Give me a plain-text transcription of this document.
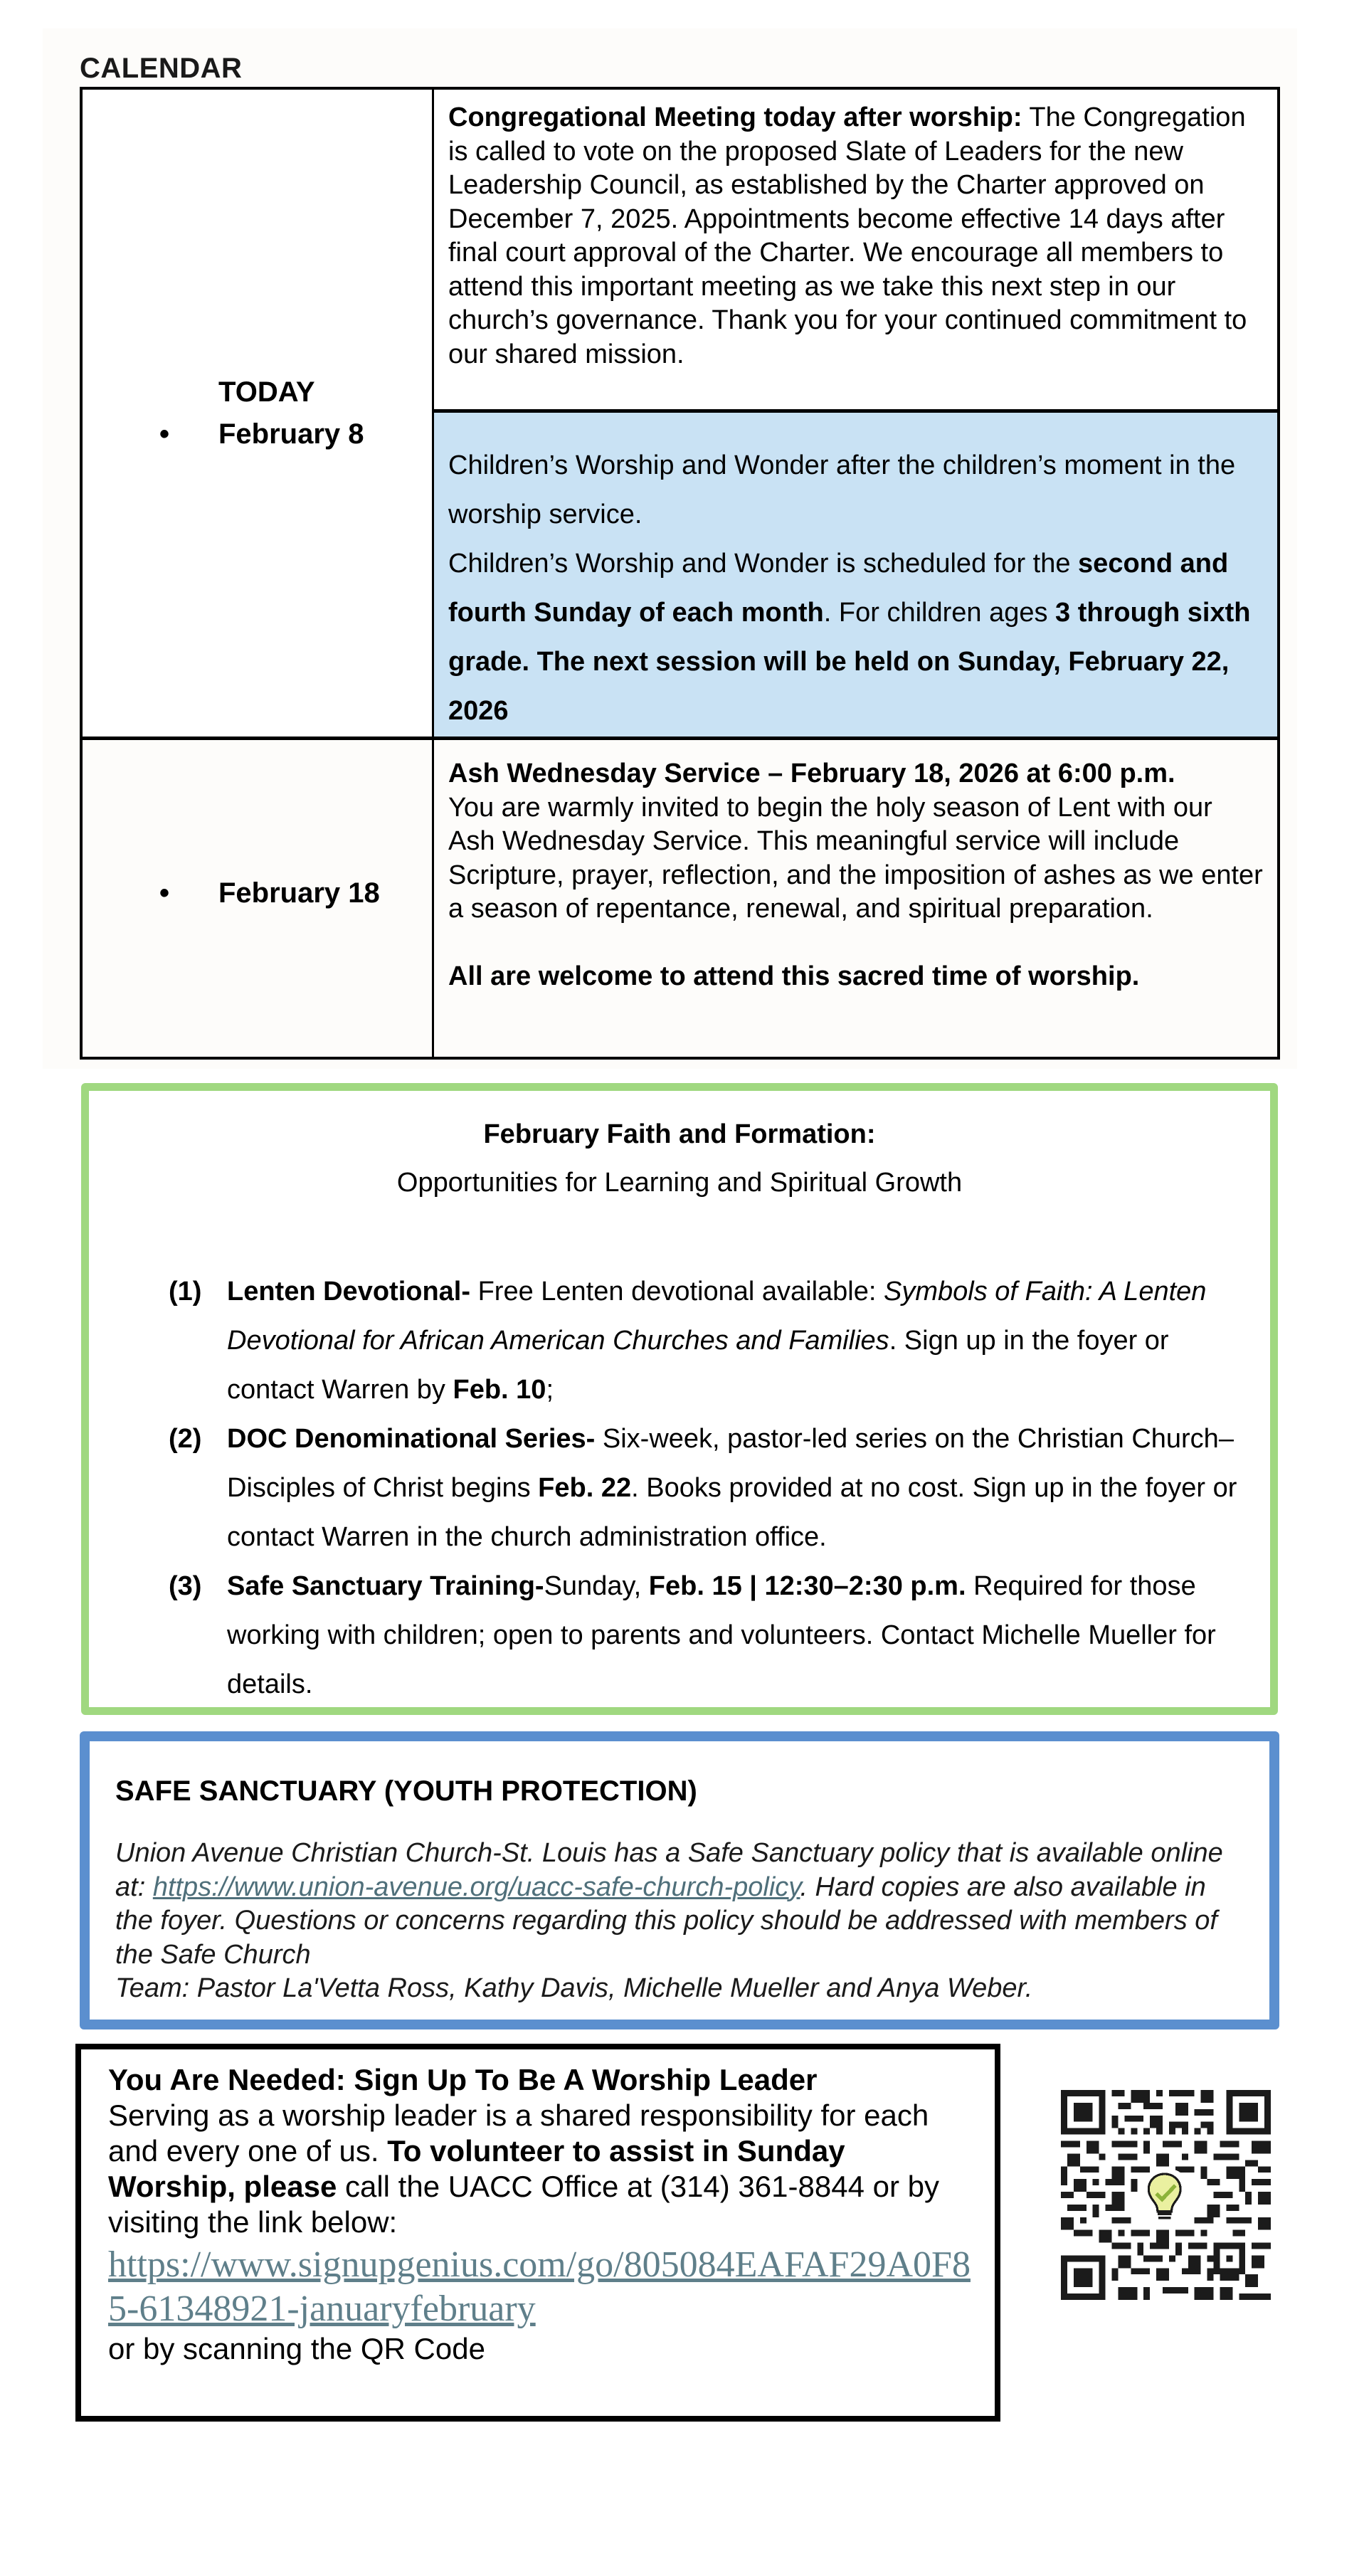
CALENDAR
TODAY
• February 8

Congregational Meeting today after worship: The Congregation is called to vote on the proposed Slate of Leaders for the new Leadership Council, as established by the Charter approved on December 7, 2025. Appointments become effective 14 days after final court approval of the Charter. We encourage all members to attend this important meeting as we take this next step in our church’s governance. Thank you for your continued commitment to our shared mission.

Children’s Worship and Wonder after the children’s moment in the worship service.

Children’s Worship and Wonder is scheduled for the second and fourth Sunday of each month. For children ages 3 through sixth grade. The next session will be held on Sunday, February 22, 2026

• February 18

Ash Wednesday Service – February 18, 2026 at 6:00 p.m.

You are warmly invited to begin the holy season of Lent with our Ash Wednesday Service. This meaningful service will include Scripture, prayer, reflection, and the imposition of ashes as we enter a season of repentance, renewal, and spiritual preparation.

All are welcome to attend this sacred time of worship.

February Faith and Formation:
Opportunities for Learning and Spiritual Growth
(1) Lenten Devotional- Free Lenten devotional available: Symbols of Faith: A Lenten Devotional for African American Churches and Families. Sign up in the foyer or contact Warren by Feb. 10;
(2) DOC Denominational Series- Six-week, pastor-led series on the Christian Church–Disciples of Christ begins Feb. 22. Books provided at no cost. Sign up in the foyer or contact Warren in the church administration office.
(3) Safe Sanctuary Training-Sunday, Feb. 15 | 12:30–2:30 p.m. Required for those working with children; open to parents and volunteers. Contact Michelle Mueller for details.
SAFE SANCTUARY (YOUTH PROTECTION)
Union Avenue Christian Church-St. Louis has a Safe Sanctuary policy that is available online at: https://www.union-avenue.org/uacc-safe-church-policy. Hard copies are also available in the foyer. Questions or concerns regarding this policy should be addressed with members of the Safe Church
Team: Pastor La'Vetta Ross, Kathy Davis, Michelle Mueller and Anya Weber.
You Are Needed: Sign Up To Be A Worship Leader
Serving as a worship leader is a shared responsibility for each and every one of us. To volunteer to assist in Sunday Worship, please call the UACC Office at (314) 361-8844 or by visiting the link below:
https://www.signupgenius.com/go/805084EAFAF29A0F85-61348921-januaryfebruary
or by scanning the QR Code
